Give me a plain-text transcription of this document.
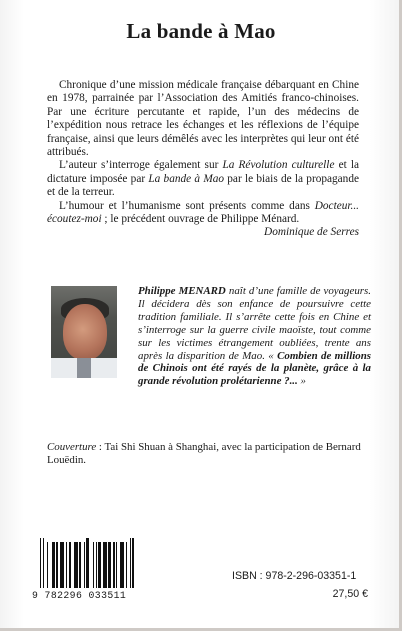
La bande à Mao

Chronique d’une mission médicale française débarquant en Chine en 1978, parrainée par l’Association des Amitiés franco-chinoises. Par une écriture percutante et rapide, l’un des médecins de l’expédition nous retrace les échanges et les réflexions de l’équipe française, ainsi que leurs démêlés avec les interprètes qui leur ont été attribués.

L’auteur s’interroge également sur La Révolution culturelle et la dictature imposée par La bande à Mao par le biais de la propagande et de la terreur.

L’humour et l’humanisme sont présents comme dans Docteur... écoutez-moi ; le précédent ouvrage de Philippe Ménard.

Dominique de Serres

Philippe MENARD naît d’une famille de voyageurs. Il décidera dès son enfance de poursuivre cette tradition familiale. Il s’arrête cette fois en Chine et s’interroge sur la guerre civile maoïste, tout comme sur les victimes étrangement oubliées, trente ans après la disparition de Mao. « Combien de millions de Chinois ont été rayés de la planète, grâce à la grande révolution prolétarienne ?... »
Couverture : Tai Shi Shuan à Shanghai, avec la participation de Bernard Louëdin.
9 782296 033511
ISBN : 978-2-296-03351-1
27,50 €
